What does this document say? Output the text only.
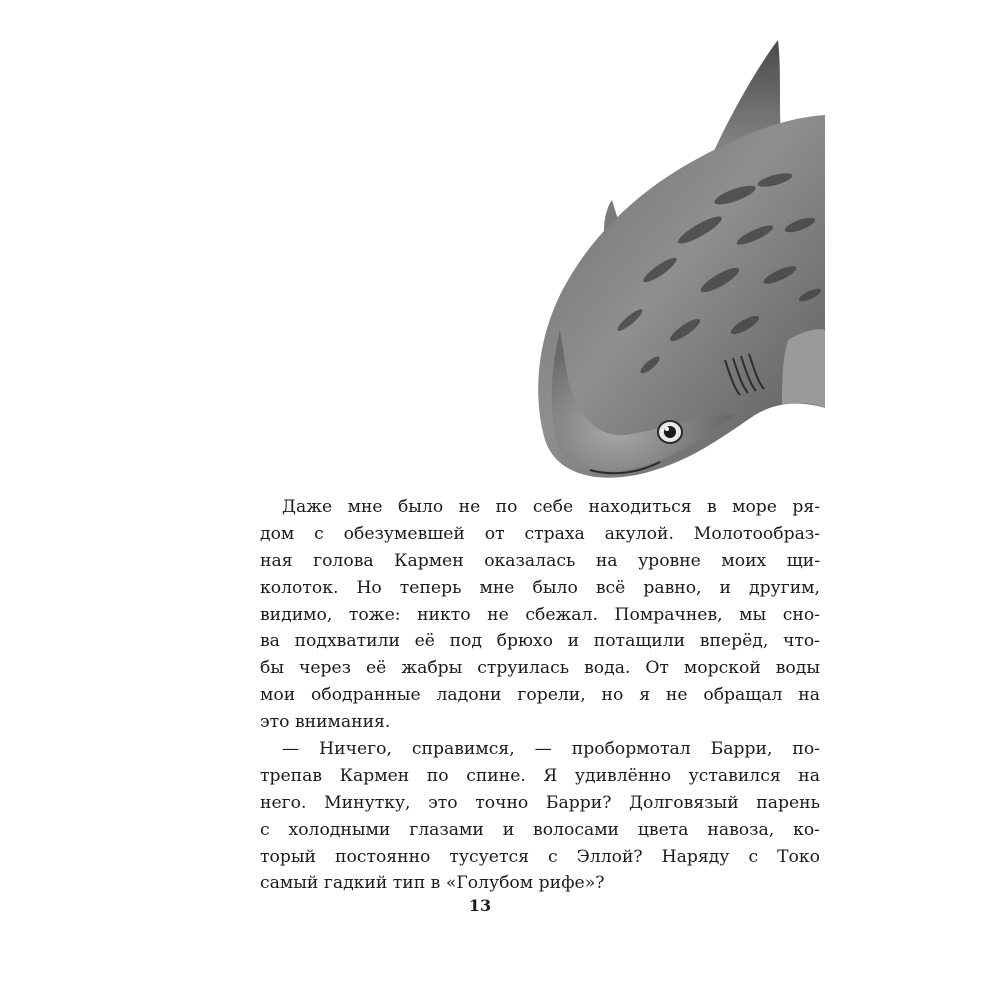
Даже мне было не по себе находиться в море ря-
дом с обезумевшей от страха акулой. Молотообраз-
ная голова Кармен оказалась на уровне моих щи-
колоток. Но теперь мне было всё равно, и другим,
видимо, тоже: никто не сбежал. Помрачнев, мы сно-
ва подхватили её под брюхо и потащили вперёд, что-
бы через её жабры струилась вода. От морской воды
мои ободранные ладони горели, но я не обращал на
это внимания.
— Ничего, справимся, — пробормотал Барри, по-
трепав Кармен по спине. Я удивлённо уставился на
него. Минутку, это точно Барри? Долговязый парень
с холодными глазами и волосами цвета навоза, ко-
торый постоянно тусуется с Эллой? Наряду с Токо
самый гадкий тип в «Голубом рифе»?
13
